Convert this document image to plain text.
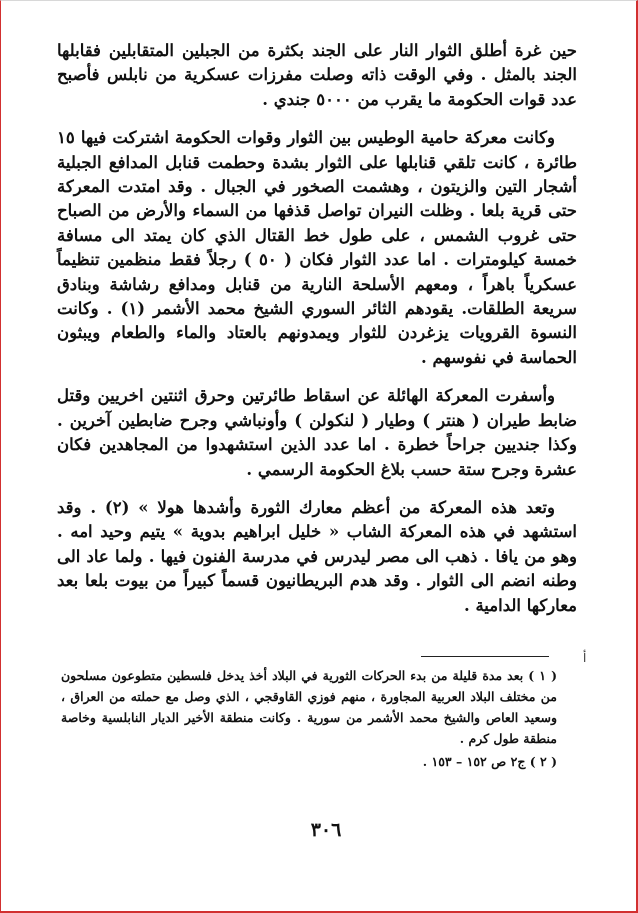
حين غرة أطلق الثوار النار على الجند بكثرة من الجبلين المتقابلين فقابلها الجند بالمثل . وفي الوقت ذاته وصلت مفرزات عسكرية من نابلس فأصبح عدد قوات الحكومة ما يقرب من ٥٠٠٠ جندي .

وكانت معركة حامية الوطيس بين الثوار وقوات الحكومة اشتركت فيها ١٥ طائرة ، كانت تلقي قنابلها على الثوار بشدة وحطمت قنابل المدافع الجبلية أشجار التين والزيتون ، وهشمت الصخور في الجبال . وقد امتدت المعركة حتى قرية بلعا . وظلت النيران تواصل قذفها من السماء والأرض من الصباح حتى غروب الشمس ، على طول خط القتال الذي كان يمتد الى مسافة خمسة كيلومترات . اما عدد الثوار فكان ( ٥٠ ) رجلاً فقط منظمين تنظيماً عسكرياً باهراً ، ومعهم الأسلحة النارية من قنابل ومدافع رشاشة وبنادق سريعة الطلقات. يقودهم الثائر السوري الشيخ محمد الأشمر (١) . وكانت النسوة القرويات يزغردن للثوار ويمدونهم بالعتاد والماء والطعام ويبثون الحماسة في نفوسهم .

وأسفرت المعركة الهائلة عن اسقاط طائرتين وحرق اثنتين اخريين وقتل ضابط طيران ( هنتر ) وطيار ( لنكولن ) وأونباشي وجرح ضابطين آخرين . وكذا جنديين جراحاً خطرة . اما عدد الذين استشهدوا من المجاهدين فكان عشرة وجرح ستة حسب بلاغ الحكومة الرسمي .

وتعد هذه المعركة من أعظم معارك الثورة وأشدها هولا » (٢) . وقد استشهد في هذه المعركة الشاب « خليل ابراهيم بدوية » يتيم وحيد امه . وهو من يافا . ذهب الى مصر ليدرس في مدرسة الفنون فيها . ولما عاد الى وطنه انضم الى الثوار . وقد هدم البريطانيون قسماً كبيراً من بيوت بلعا بعد معاركها الدامية .

أ

( ١ ) بعد مدة قليلة من بدء الحركات الثورية في البلاد أخذ يدخل فلسطين متطوعون مسلحون من مختلف البلاد العربية المجاورة ، منهم فوزي القاوقجي ، الذي وصل مع حملته من العراق ، وسعيد العاص والشيخ محمد الأشمر من سورية . وكانت منطقة الأخير الديار النابلسية وخاصة منطقة طول كرم .

( ٢ ) ج٢ ص ١٥٢ – ١٥٣ .

٣٠٦
